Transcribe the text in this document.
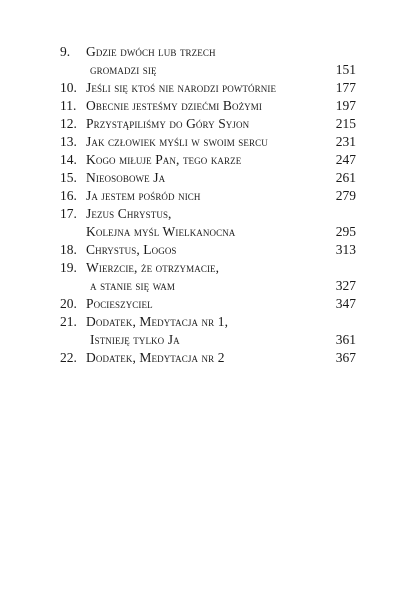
9.	Gdzie dwóch lub trzech
gromadzi się	151
10. Jeśli się ktoś nie narodzi powtórnie	177
11. Obecnie jesteśmy dziećmi Bożymi	197
12. Przystąpiliśmy do Góry Syjon	215
13. Jak człowiek myśli w swoim sercu	231
14. Kogo miłuje Pan, tego karze	247
15. Nieosobowe Ja	261
16. Ja jestem pośród nich	279
17. Jezus Chrystus,
Kolejna myśl Wielkanocna	295
18. Chrystus, Logos	313
19. Wierzcie, że otrzymacie,
a stanie się wam	327
20. Pocieszyciel	347
21. Dodatek, Medytacja nr 1,
Istnieję tylko Ja	361
22. Dodatek, Medytacja nr 2	367
